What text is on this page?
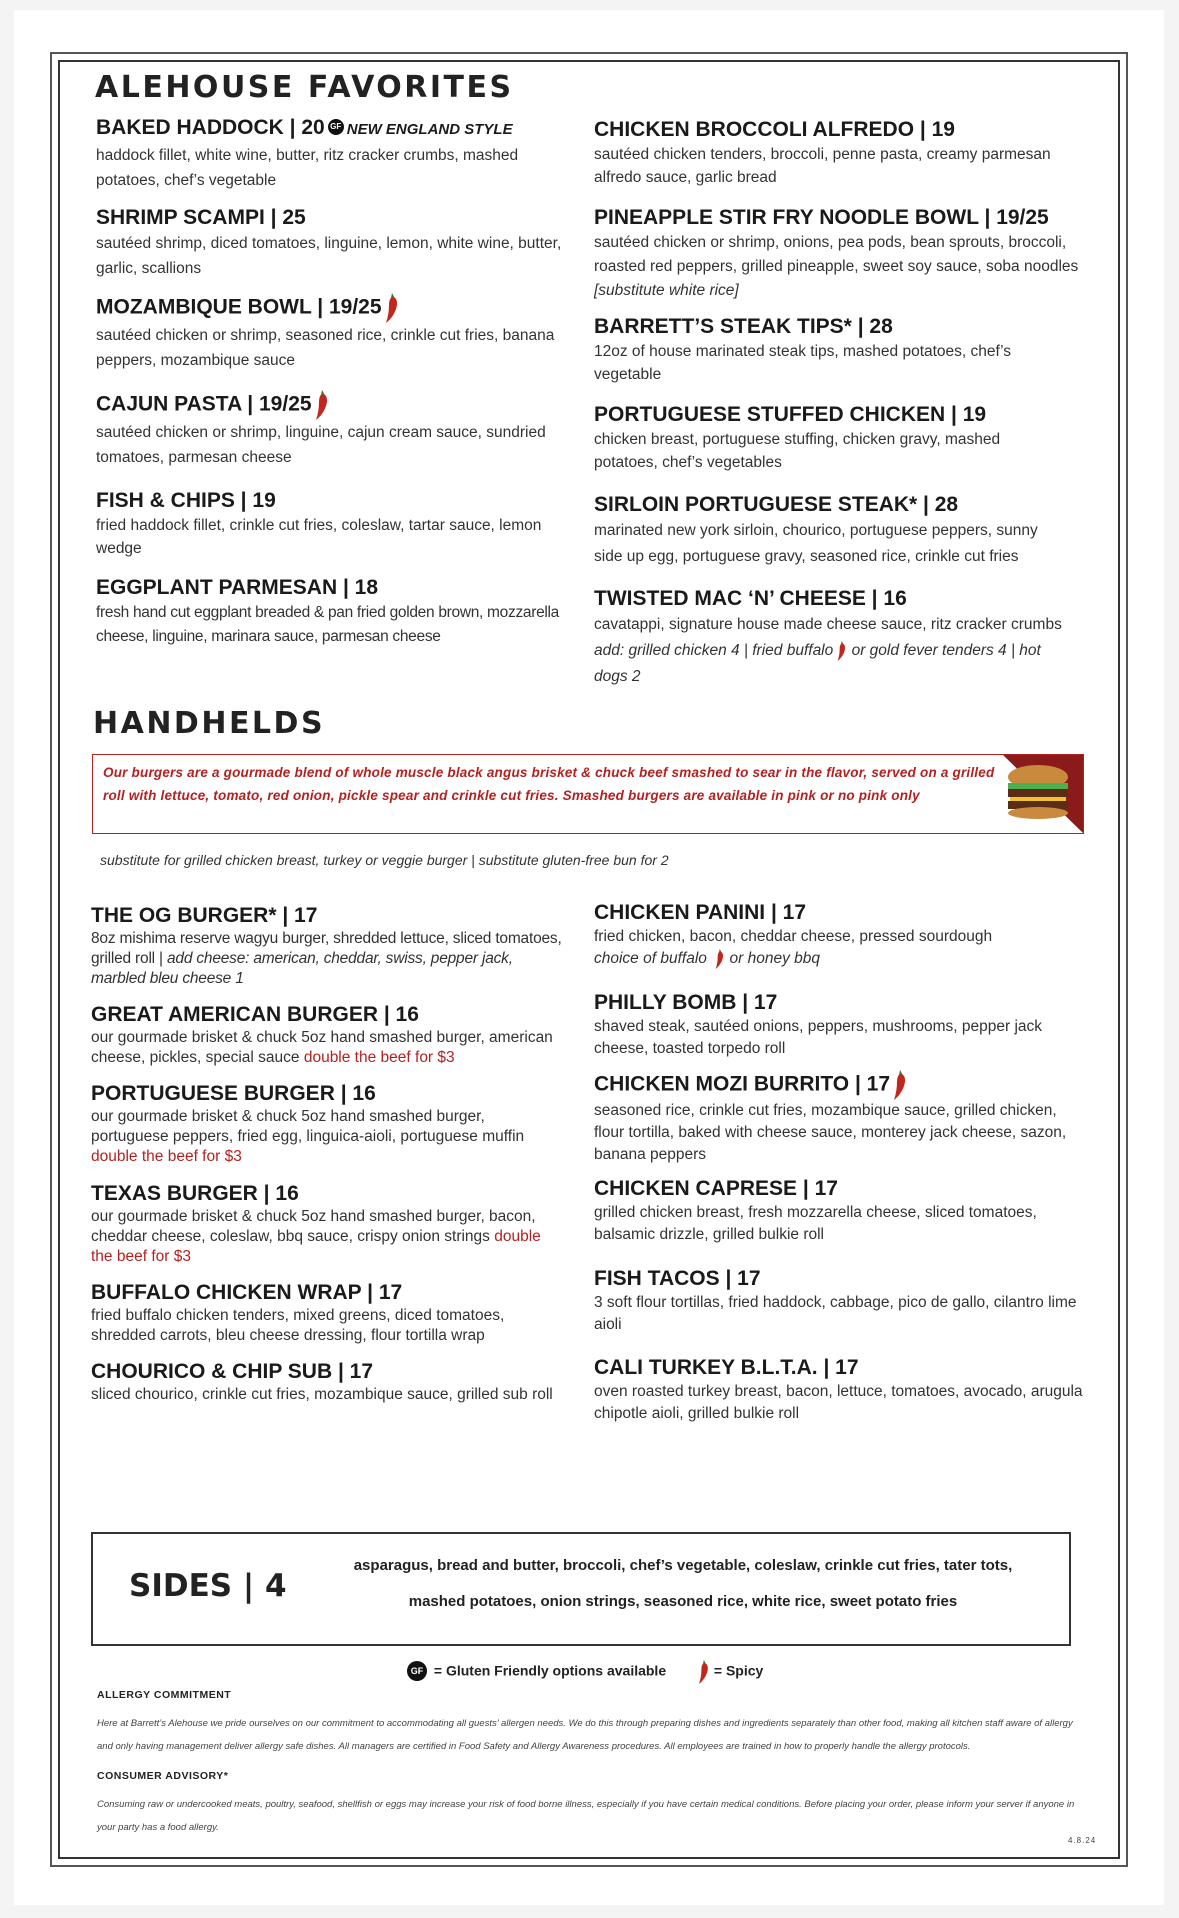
ALEHOUSE FAVORITES
BAKED HADDOCK | 20 GF NEW ENGLAND STYLE
haddock fillet, white wine, butter, ritz cracker crumbs, mashed potatoes, chef’s vegetable
SHRIMP SCAMPI | 25
sautéed shrimp, diced tomatoes, linguine, lemon, white wine, butter, garlic, scallions
MOZAMBIQUE BOWL | 19/25
sautéed chicken or shrimp, seasoned rice, crinkle cut fries, banana peppers, mozambique sauce
CAJUN PASTA | 19/25
sautéed chicken or shrimp, linguine, cajun cream sauce, sundried tomatoes, parmesan cheese
FISH & CHIPS | 19
fried haddock fillet, crinkle cut fries, coleslaw, tartar sauce, lemon wedge
EGGPLANT PARMESAN | 18
fresh hand cut eggplant breaded & pan fried golden brown, mozzarella cheese, linguine, marinara sauce, parmesan cheese
CHICKEN BROCCOLI ALFREDO | 19
sautéed chicken tenders, broccoli, penne pasta, creamy parmesan alfredo sauce, garlic bread
PINEAPPLE STIR FRY NOODLE BOWL | 19/25
sautéed chicken or shrimp, onions, pea pods, bean sprouts, broccoli, roasted red peppers, grilled pineapple, sweet soy sauce, soba noodles [substitute white rice]
BARRETT’S STEAK TIPS* | 28
12oz of house marinated steak tips, mashed potatoes, chef’s vegetable
PORTUGUESE STUFFED CHICKEN | 19
chicken breast, portuguese stuffing, chicken gravy, mashed potatoes, chef’s vegetables
SIRLOIN PORTUGUESE STEAK* | 28
marinated new york sirloin, chourico, portuguese peppers, sunny side up egg, portuguese gravy, seasoned rice, crinkle cut fries
TWISTED MAC ‘N’ CHEESE | 16
cavatappi, signature house made cheese sauce, ritz cracker crumbs
add: grilled chicken 4 | fried buffalo or gold fever tenders 4 | hot dogs 2
HANDHELDS
Our burgers are a gourmade blend of whole muscle black angus brisket & chuck beef smashed to sear in the flavor, served on a grilled roll with lettuce, tomato, red onion, pickle spear and crinkle cut fries. Smashed burgers are available in pink or no pink only
substitute for grilled chicken breast, turkey or veggie burger | substitute gluten-free bun for 2
THE OG BURGER* | 17
8oz mishima reserve wagyu burger, shredded lettuce, sliced tomatoes, grilled roll | add cheese: american, cheddar, swiss, pepper jack, marbled bleu cheese 1
GREAT AMERICAN BURGER | 16
our gourmade brisket & chuck 5oz hand smashed burger, american cheese, pickles, special sauce double the beef for $3
PORTUGUESE BURGER | 16
our gourmade brisket & chuck 5oz hand smashed burger, portuguese peppers, fried egg, linguica-aioli, portuguese muffin double the beef for $3
TEXAS BURGER | 16
our gourmade brisket & chuck 5oz hand smashed burger, bacon, cheddar cheese, coleslaw, bbq sauce, crispy onion strings double the beef for $3
BUFFALO CHICKEN WRAP | 17
fried buffalo chicken tenders, mixed greens, diced tomatoes, shredded carrots, bleu cheese dressing, flour tortilla wrap
CHOURICO & CHIP SUB | 17
sliced chourico, crinkle cut fries, mozambique sauce, grilled sub roll
CHICKEN PANINI | 17
fried chicken, bacon, cheddar cheese, pressed sourdough
choice of buffalo or honey bbq
PHILLY BOMB | 17
shaved steak, sautéed onions, peppers, mushrooms, pepper jack cheese, toasted torpedo roll
CHICKEN MOZI BURRITO | 17
seasoned rice, crinkle cut fries, mozambique sauce, grilled chicken, flour tortilla, baked with cheese sauce, monterey jack cheese, sazon, banana peppers
CHICKEN CAPRESE | 17
grilled chicken breast, fresh mozzarella cheese, sliced tomatoes, balsamic drizzle, grilled bulkie roll
FISH TACOS | 17
3 soft flour tortillas, fried haddock, cabbage, pico de gallo, cilantro lime aioli
CALI TURKEY B.L.T.A. | 17
oven roasted turkey breast, bacon, lettuce, tomatoes, avocado, arugula chipotle aioli, grilled bulkie roll
SIDES | 4
asparagus, bread and butter, broccoli, chef’s vegetable, coleslaw, crinkle cut fries, tater tots,
mashed potatoes, onion strings, seasoned rice, white rice, sweet potato fries
GF = Gluten Friendly options available	= Spicy
ALLERGY COMMITMENT
Here at Barrett’s Alehouse we pride ourselves on our commitment to accommodating all guests’ allergen needs. We do this through preparing dishes and ingredients separately than other food, making all kitchen staff aware of allergy and only having management deliver allergy safe dishes. All managers are certified in Food Safety and Allergy Awareness procedures. All employees are trained in how to properly handle the allergy protocols.
CONSUMER ADVISORY*
Consuming raw or undercooked meats, poultry, seafood, shellfish or eggs may increase your risk of food borne illness, especially if you have certain medical conditions. Before placing your order, please inform your server if anyone in your party has a food allergy.
4.8.24
